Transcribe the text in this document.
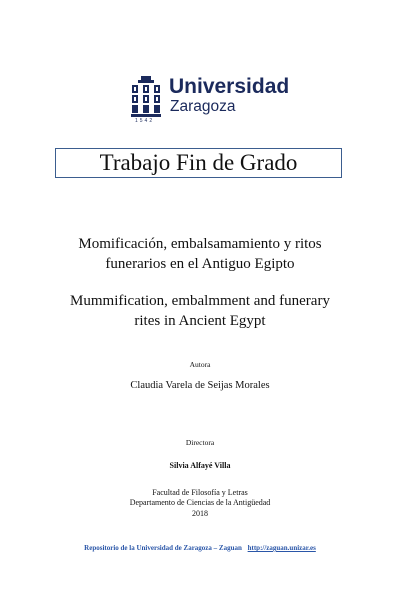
1542
Universidad
Zaragoza
Trabajo Fin de Grado
Momificación, embalsamamiento y ritos
funerarios en el Antiguo Egipto
Mummification, embalmment and funerary
rites in Ancient Egypt
Autora
Claudia Varela de Seijas Morales
Directora
Silvia Alfayé Villa
Facultad de Filosofía y Letras
Departamento de Ciencias de la Antigüedad
2018
Repositorio de la Universidad de Zaragoza – Zaguan http://zaguan.unizar.es
